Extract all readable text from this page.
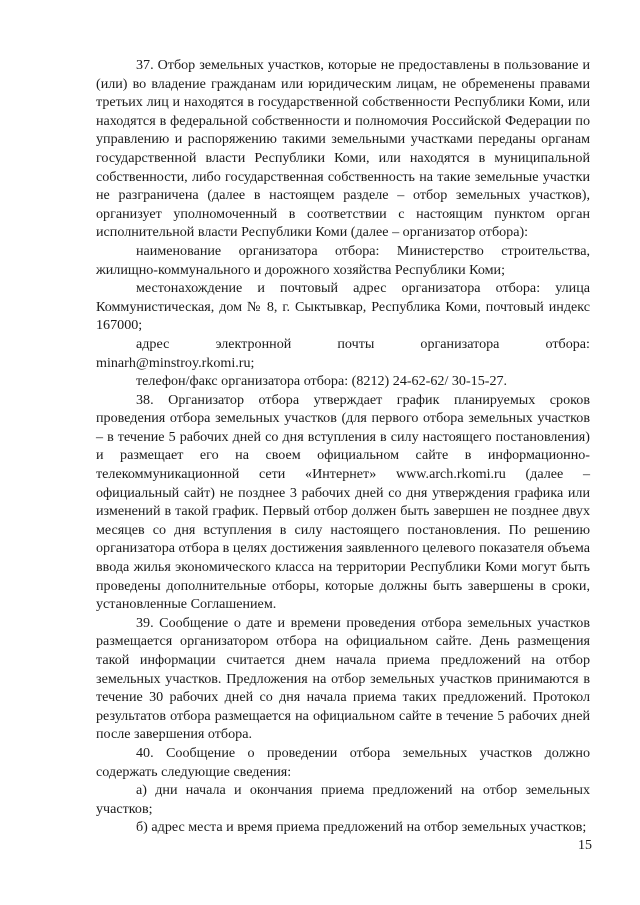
37. Отбор земельных участков, которые не предоставлены в пользование и (или) во владение гражданам или юридическим лицам, не обременены правами третьих лиц и находятся в государственной собственности Республики Коми, или находятся в федеральной собственности и полномочия Российской Федерации по управлению и распоряжению такими земельными участками переданы органам государственной власти Республики Коми, или находятся в муниципальной собственности, либо государственная собственность на такие земельные участки не разграничена (далее в настоящем разделе – отбор земельных участков), организует уполномоченный в соответствии с настоящим пунктом орган исполнительной власти Республики Коми (далее – организатор отбора):

наименование организатора отбора: Министерство строительства, жилищно-коммунального и дорожного хозяйства Республики Коми;

местонахождение и почтовый адрес организатора отбора: улица Коммунистическая, дом № 8, г. Сыктывкар, Республика Коми, почтовый индекс 167000;

адрес	электронной	почты	организатора	отбора:

minarh@minstroy.rkomi.ru;

телефон/факс организатора отбора: (8212) 24-62-62/ 30-15-27.

38. Организатор отбора утверждает график планируемых сроков проведения отбора земельных участков (для первого отбора земельных участков – в течение 5 рабочих дней со дня вступления в силу настоящего постановления) и размещает его на своем официальном сайте в информационно-телекоммуникационной сети «Интернет» www.arch.rkomi.ru (далее – официальный сайт) не позднее 3 рабочих дней со дня утверждения графика или изменений в такой график. Первый отбор должен быть завершен не позднее двух месяцев со дня вступления в силу настоящего постановления. По решению организатора отбора в целях достижения заявленного целевого показателя объема ввода жилья экономического класса на территории Республики Коми могут быть проведены дополнительные отборы, которые должны быть завершены в сроки, установленные Соглашением.

39. Сообщение о дате и времени проведения отбора земельных участков размещается организатором отбора на официальном сайте. День размещения такой информации считается днем начала приема предложений на отбор земельных участков. Предложения на отбор земельных участков принимаются в течение 30 рабочих дней со дня начала приема таких предложений. Протокол результатов отбора размещается на официальном сайте в течение 5 рабочих дней после завершения отбора.

40. Сообщение о проведении отбора земельных участков должно содержать следующие сведения:

а) дни начала и окончания приема предложений на отбор земельных участков;

б) адрес места и время приема предложений на отбор земельных участков;

15
